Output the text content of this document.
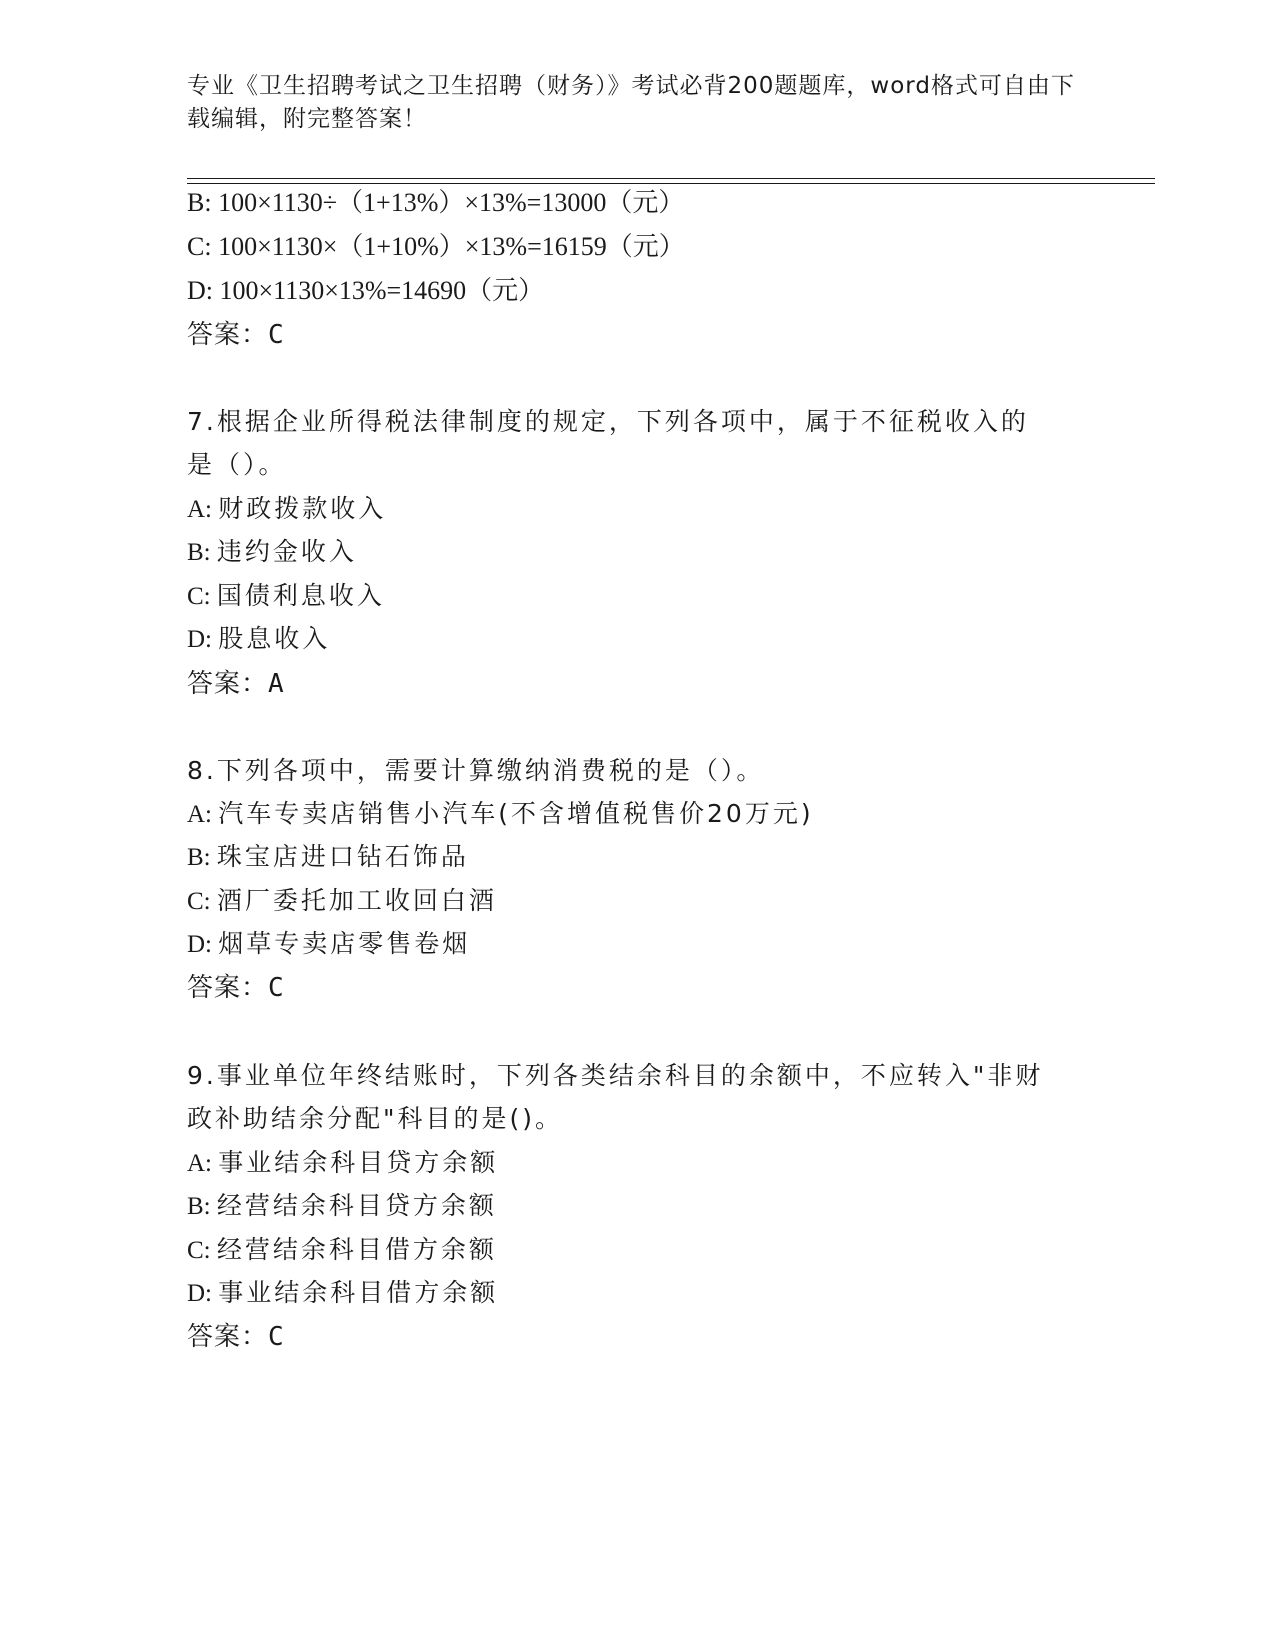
专业《卫生招聘考试之卫生招聘（财务）》考试必背200题题库，word格式可自由下载编辑，附完整答案！
B: 100×1130÷（1+13%）×13%=13000（元）
C: 100×1130×（1+10%）×13%=16159（元）
D: 100×1130×13%=14690（元）
答案：C
7.根据企业所得税法律制度的规定，下列各项中，属于不征税收入的
是（）。
A: 财政拨款收入
B: 违约金收入
C: 国债利息收入
D: 股息收入
答案：A
8.下列各项中，需要计算缴纳消费税的是（）。
A: 汽车专卖店销售小汽车(不含增值税售价20万元)
B: 珠宝店进口钻石饰品
C: 酒厂委托加工收回白酒
D: 烟草专卖店零售卷烟
答案：C
9.事业单位年终结账时，下列各类结余科目的余额中，不应转入"非财
政补助结余分配"科目的是()。
A: 事业结余科目贷方余额
B: 经营结余科目贷方余额
C: 经营结余科目借方余额
D: 事业结余科目借方余额
答案：C
